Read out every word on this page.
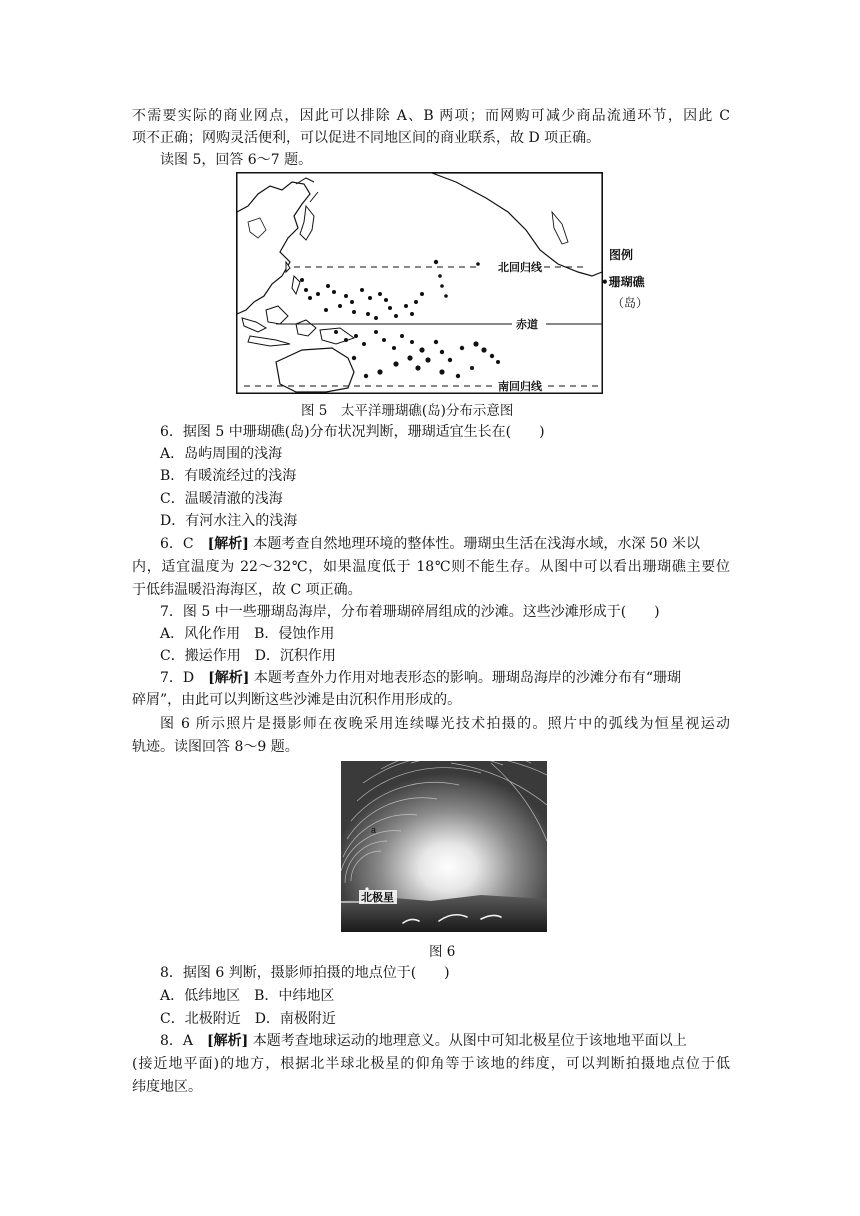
不需要实际的商业网点，因此可以排除 A、B 两项；而网购可减少商品流通环节，因此 C
项不正确；网购灵活便利，可以促进不同地区间的商业联系，故 D 项正确。
读图 5，回答 6～7 题。
北回归线
赤道
南回归线
图例
•珊瑚礁
（岛）
图 5　太平洋珊瑚礁(岛)分布示意图
6．据图 5 中珊瑚礁(岛)分布状况判断，珊瑚适宜生长在(　　)
A．岛屿周围的浅海
B．有暖流经过的浅海
C．温暖清澈的浅海
D．有河水注入的浅海
6．C　[解析] 本题考查自然地理环境的整体性。珊瑚虫生活在浅海水域，水深 50 米以
内，适宜温度为 22～32℃，如果温度低于 18℃则不能生存。从图中可以看出珊瑚礁主要位
于低纬温暖沿海海区，故 C 项正确。
7．图 5 中一些珊瑚岛海岸，分布着珊瑚碎屑组成的沙滩。这些沙滩形成于(　　)
A．风化作用　B．侵蚀作用
C．搬运作用　D．沉积作用
7．D　[解析] 本题考查外力作用对地表形态的影响。珊瑚岛海岸的沙滩分布有“珊瑚
碎屑”，由此可以判断这些沙滩是由沉积作用形成的。
图 6 所示照片是摄影师在夜晚采用连续曝光技术拍摄的。照片中的弧线为恒星视运动
轨迹。读图回答 8～9 题。
北极星
a
图 6
8．据图 6 判断，摄影师拍摄的地点位于(　　)
A．低纬地区　B．中纬地区
C．北极附近　D．南极附近
8．A　[解析] 本题考查地球运动的地理意义。从图中可知北极星位于该地地平面以上
(接近地平面)的地方，根据北半球北极星的仰角等于该地的纬度，可以判断拍摄地点位于低
纬度地区。
